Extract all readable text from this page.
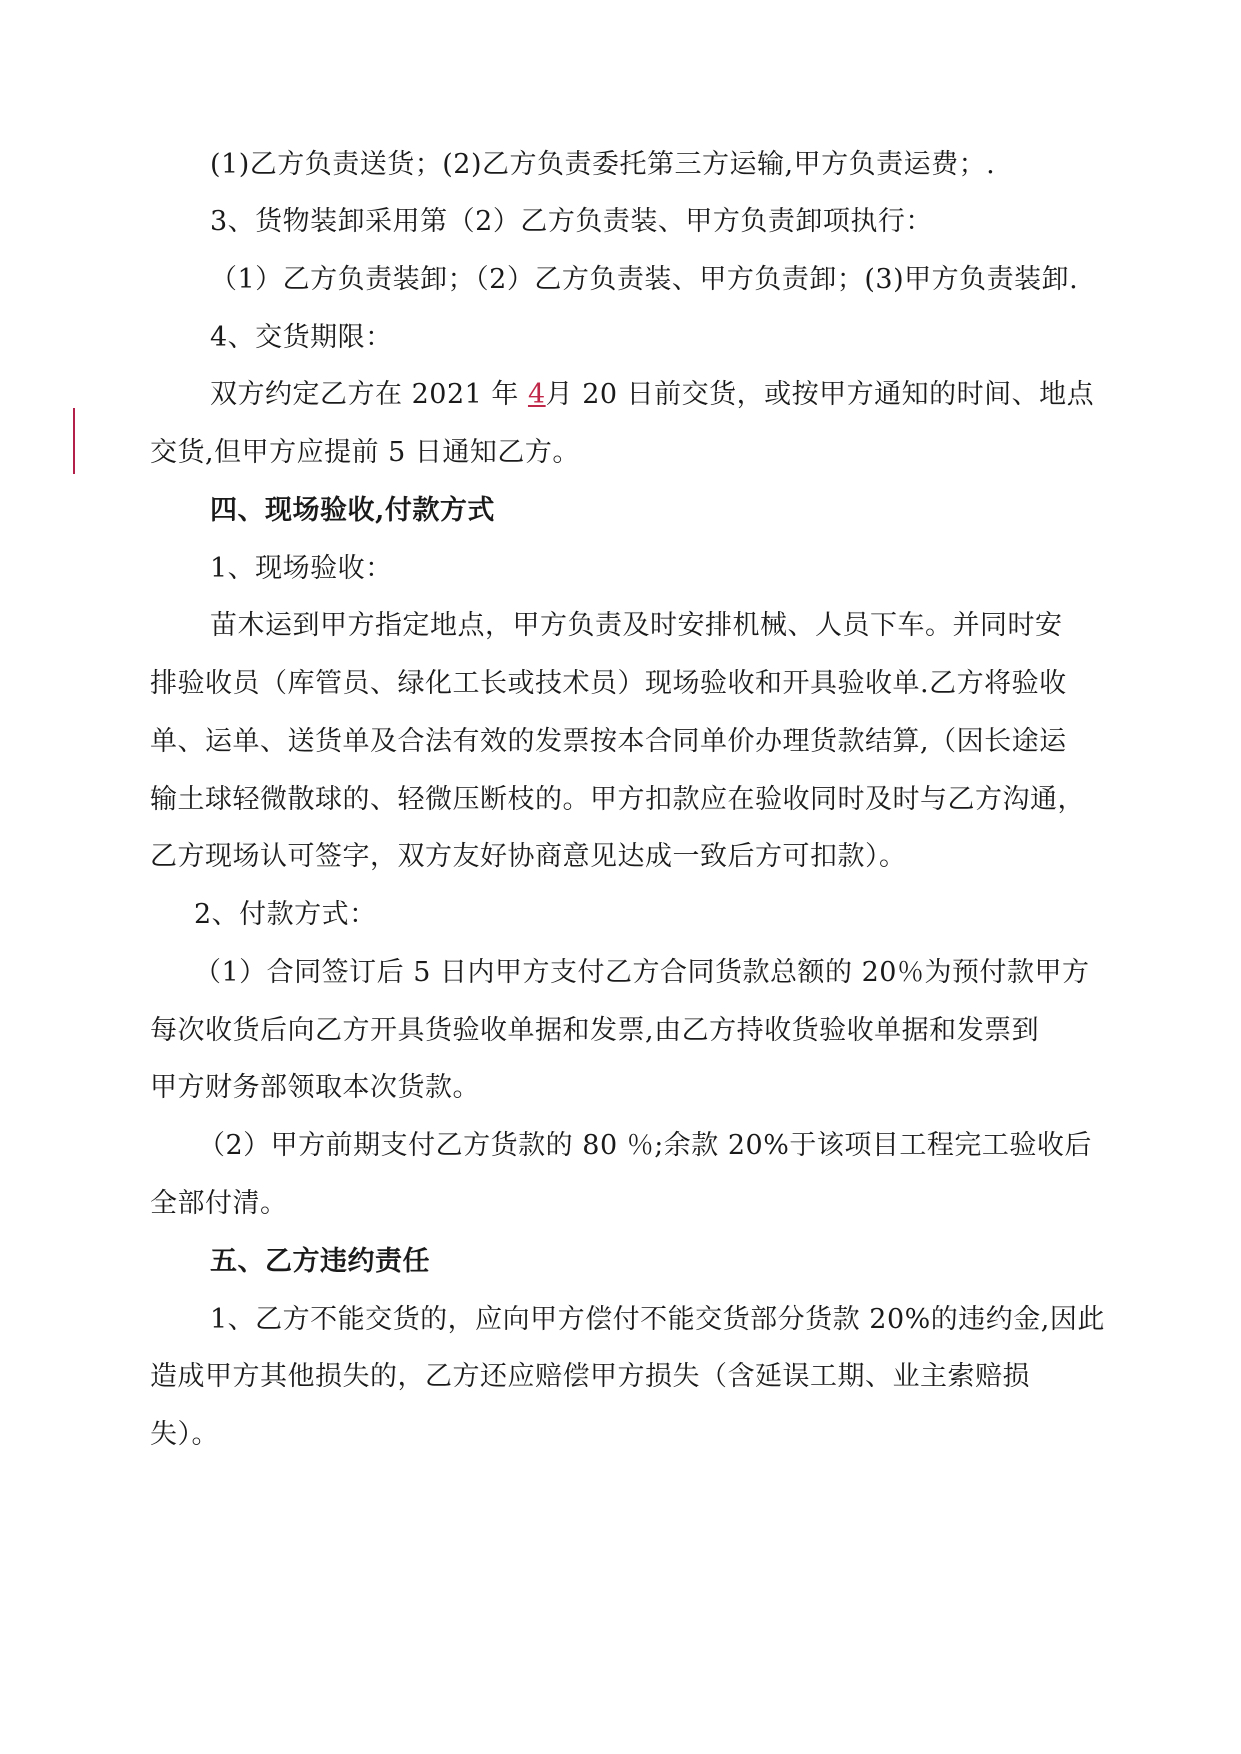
(1)乙方负责送货；(2)乙方负责委托第三方运输,甲方负责运费；.
3、货物装卸采用第（2）乙方负责装、甲方负责卸项执行：
（1）乙方负责装卸；（2）乙方负责装、甲方负责卸；(3)甲方负责装卸.
4、交货期限：
双方约定乙方在 2021 年 4月 20 日前交货，或按甲方通知的时间、地点
交货,但甲方应提前 5 日通知乙方。
四、现场验收,付款方式
1、现场验收：
苗木运到甲方指定地点，甲方负责及时安排机械、人员下车。并同时安
排验收员（库管员、绿化工长或技术员）现场验收和开具验收单.乙方将验收
单、运单、送货单及合法有效的发票按本合同单价办理货款结算,（因长途运
输土球轻微散球的、轻微压断枝的。甲方扣款应在验收同时及时与乙方沟通，
乙方现场认可签字，双方友好协商意见达成一致后方可扣款）。
2、付款方式：
（1）合同签订后 5 日内甲方支付乙方合同货款总额的 20％为预付款甲方
每次收货后向乙方开具货验收单据和发票,由乙方持收货验收单据和发票到
甲方财务部领取本次货款。
（2）甲方前期支付乙方货款的 80 ％;余款 20%于该项目工程完工验收后
全部付清。
五、乙方违约责任
1、乙方不能交货的，应向甲方偿付不能交货部分货款 20%的违约金,因此
造成甲方其他损失的，乙方还应赔偿甲方损失（含延误工期、业主索赔损
失）。
